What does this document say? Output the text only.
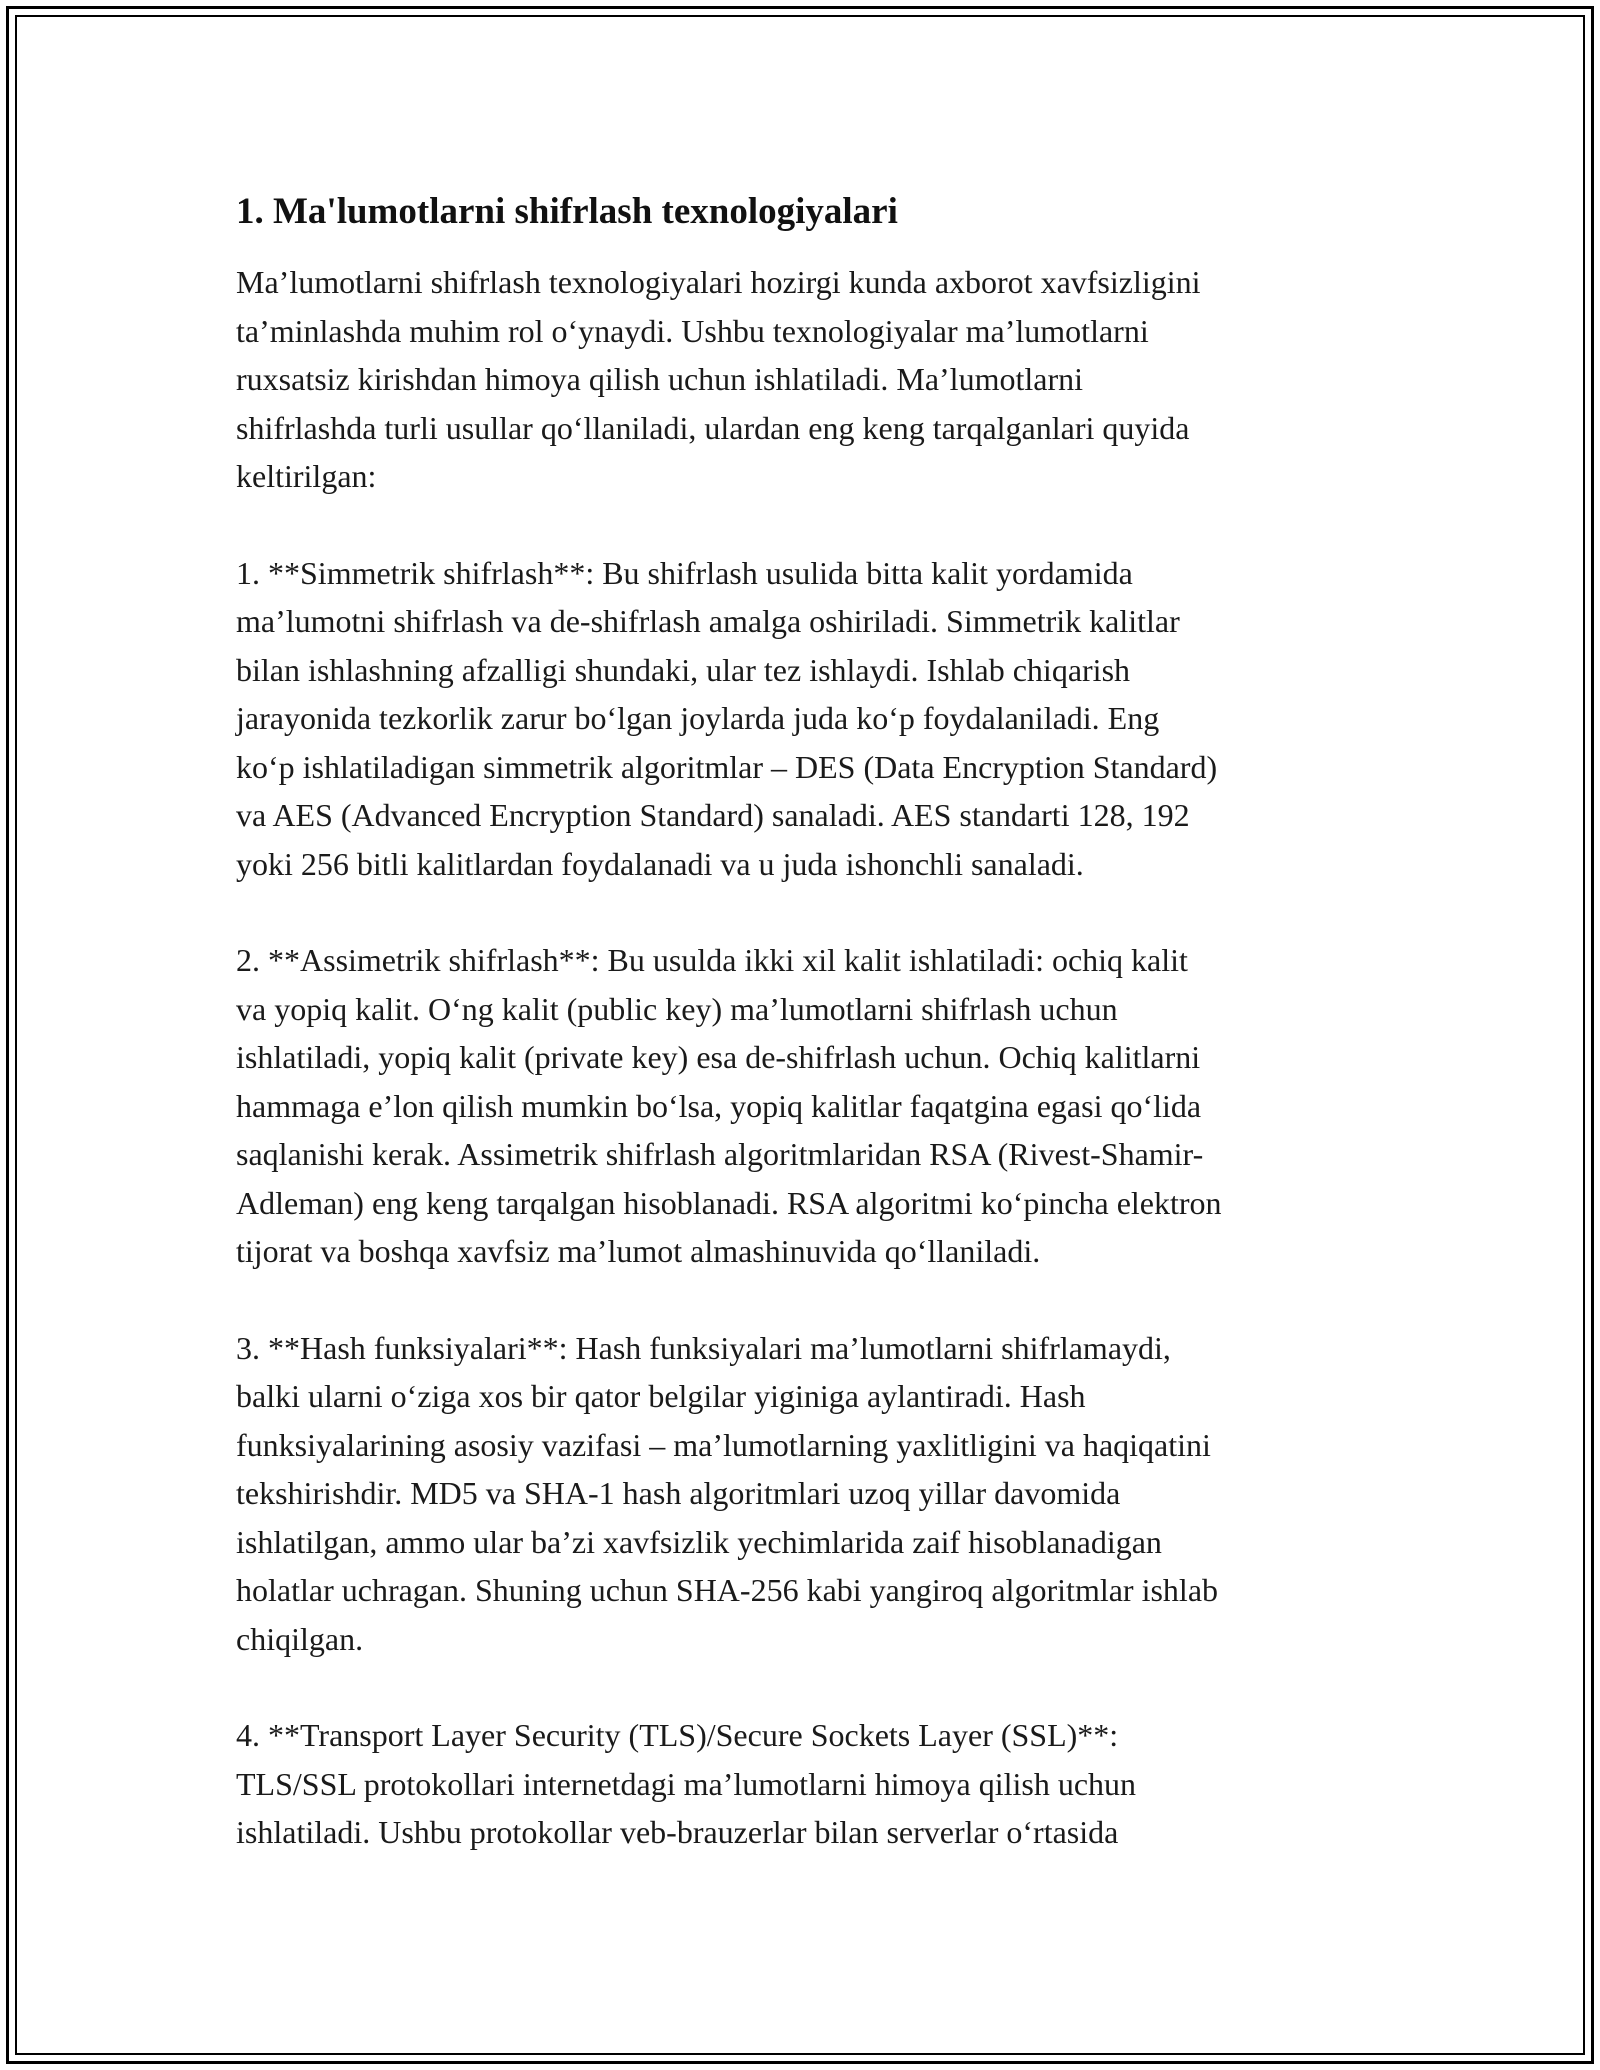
1. Ma'lumotlarni shifrlash texnologiyalari

Ma’lumotlarni shifrlash texnologiyalari hozirgi kunda axborot xavfsizligini
ta’minlashda muhim rol o‘ynaydi. Ushbu texnologiyalar ma’lumotlarni
ruxsatsiz kirishdan himoya qilish uchun ishlatiladi. Ma’lumotlarni
shifrlashda turli usullar qo‘llaniladi, ulardan eng keng tarqalganlari quyida
keltirilgan:

1. **Simmetrik shifrlash**: Bu shifrlash usulida bitta kalit yordamida
ma’lumotni shifrlash va de-shifrlash amalga oshiriladi. Simmetrik kalitlar
bilan ishlashning afzalligi shundaki, ular tez ishlaydi. Ishlab chiqarish
jarayonida tezkorlik zarur bo‘lgan joylarda juda ko‘p foydalaniladi. Eng
ko‘p ishlatiladigan simmetrik algoritmlar – DES (Data Encryption Standard)
va AES (Advanced Encryption Standard) sanaladi. AES standarti 128, 192
yoki 256 bitli kalitlardan foydalanadi va u juda ishonchli sanaladi.

2. **Assimetrik shifrlash**: Bu usulda ikki xil kalit ishlatiladi: ochiq kalit
va yopiq kalit. O‘ng kalit (public key) ma’lumotlarni shifrlash uchun
ishlatiladi, yopiq kalit (private key) esa de-shifrlash uchun. Ochiq kalitlarni
hammaga e’lon qilish mumkin bo‘lsa, yopiq kalitlar faqatgina egasi qo‘lida
saqlanishi kerak. Assimetrik shifrlash algoritmlaridan RSA (Rivest-Shamir-
Adleman) eng keng tarqalgan hisoblanadi. RSA algoritmi ko‘pincha elektron
tijorat va boshqa xavfsiz ma’lumot almashinuvida qo‘llaniladi.

3. **Hash funksiyalari**: Hash funksiyalari ma’lumotlarni shifrlamaydi,
balki ularni o‘ziga xos bir qator belgilar yiginiga aylantiradi. Hash
funksiyalarining asosiy vazifasi – ma’lumotlarning yaxlitligini va haqiqatini
tekshirishdir. MD5 va SHA-1 hash algoritmlari uzoq yillar davomida
ishlatilgan, ammo ular ba’zi xavfsizlik yechimlarida zaif hisoblanadigan
holatlar uchragan. Shuning uchun SHA-256 kabi yangiroq algoritmlar ishlab
chiqilgan.

4. **Transport Layer Security (TLS)/Secure Sockets Layer (SSL)**:
TLS/SSL protokollari internetdagi ma’lumotlarni himoya qilish uchun
ishlatiladi. Ushbu protokollar veb-brauzerlar bilan serverlar o‘rtasida
